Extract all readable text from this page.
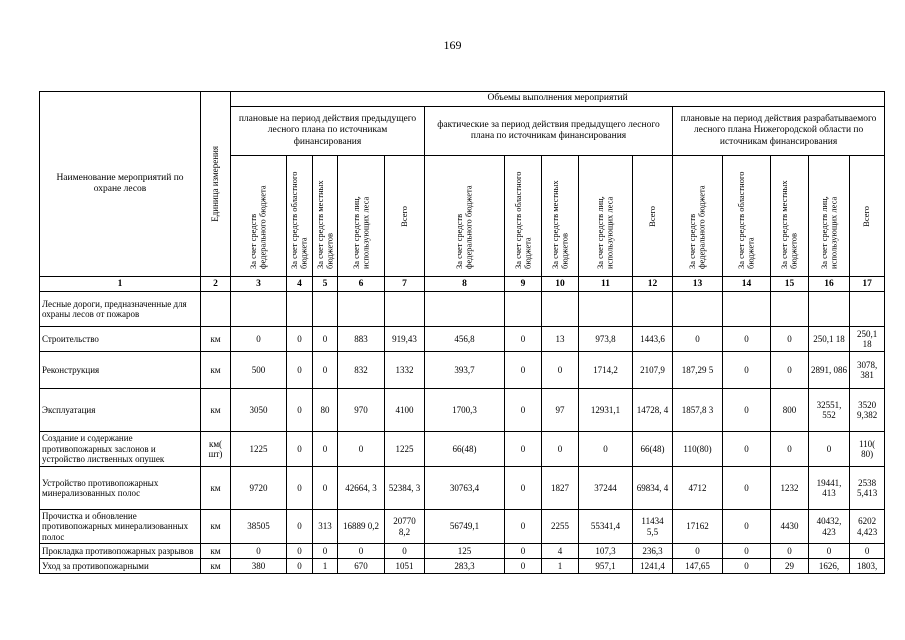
169
Наименование мероприятий по охране лесов	Единица измерения	Объемы выполнения мероприятий														
		плановые на период действия предыдущего лесного плана по источникам финансирования					фактические за период действия предыдущего лесного плана по источникам финансирования					плановые на период действия разрабатываемого лесного плана Нижегородской области по источникам финансирования				

		За счет средств федерального бюджета	За счет средств областного бюджета	За счет средств местных бюджетов	За счет средств лиц, использующих леса	Всего	За счет средств федерального бюджета	За счет средств областного бюджета	За счет средств местных бюджетов	За счет средств лиц, использующих леса	Всего	За счет средств федерального бюджета	За счет средств областного бюджета	За счет средств местных бюджетов	За счет средств лиц, использующих леса	Всего

1	2	3	4	5	6	7	8	9	10	11	12	13	14	15	16	17
Лесные дороги, предназначенные для охраны лесов от пожаров																
Строительство	км	0	0	0	883	919,43	456,8	0	13	973,8	1443,6	0	0	0	250,1 18	250,1 18
Реконструкция	км	500	0	0	832	1332	393,7	0	0	1714,2	2107,9	187,29 5	0	0	2891, 086	3078, 381
Эксплуатация	км	3050	0	80	970	4100	1700,3	0	97	12931,1	14728, 4	1857,8 3	0	800	32551, 552	3520 9,382
Создание и содержание противопожарных заслонов и устройство лиственных опушек	км( шт)	1225	0	0	0	1225	66(48)	0	0	0	66(48)	110(80)	0	0	0	110( 80)
Устройство противопожарных минерализованных полос	км	9720	0	0	42664, 3	52384, 3	30763,4	0	1827	37244	69834, 4	4712	0	1232	19441, 413	2538 5,413
Прочистка и обновление противопожарных минерализованных полос	км	38505	0	313	16889 0,2	20770 8,2	56749,1	0	2255	55341,4	11434 5,5	17162	0	4430	40432, 423	6202 4,423
Прокладка противопожарных разрывов	км	0	0	0	0	0	125	0	4	107,3	236,3	0	0	0	0	0
Уход за противопожарными	км	380	0	1	670	1051	283,3	0	1	957,1	1241,4	147,65	0	29	1626,	1803,
